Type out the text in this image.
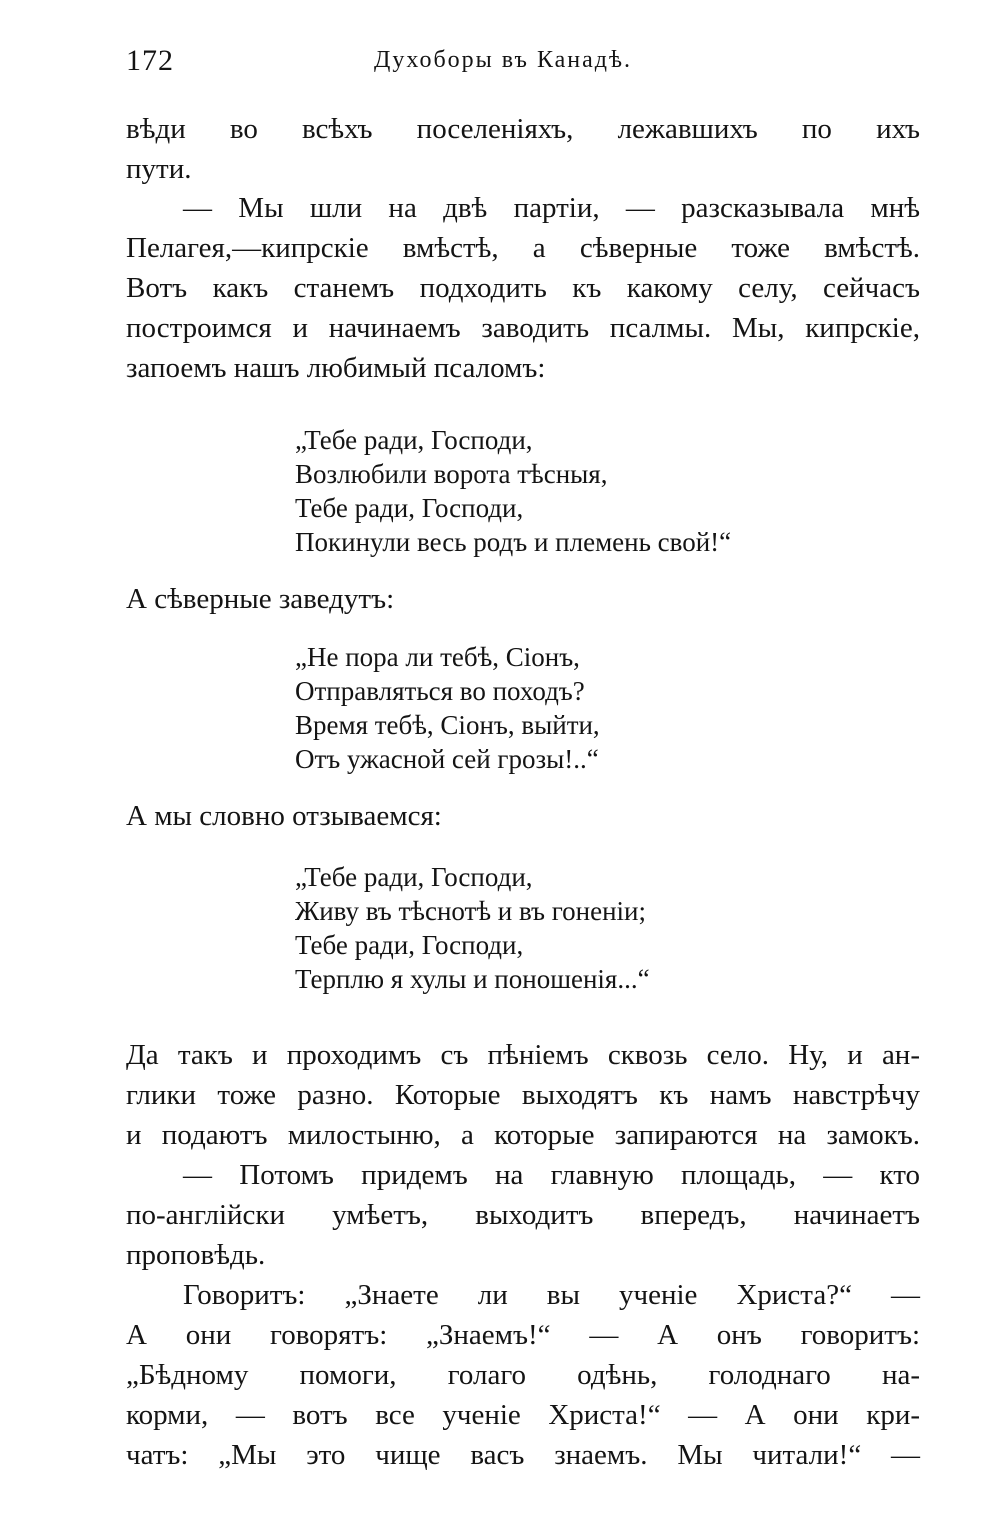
172	Духоборы въ Канадѣ.
вѣди во всѣхъ поселеніяхъ, лежавшихъ по ихъ
пути.
— Мы шли на двѣ партіи, — разсказывала мнѣ
Пелагея,—кипрскіе вмѣстѣ, а сѣверные тоже вмѣстѣ.
Вотъ какъ станемъ подходить къ какому селу, сейчасъ
построимся и начинаемъ заводить псалмы. Мы, кипрскіе,
запоемъ нашъ любимый псаломъ:
„Тебе ради, Господи,
Возлюбили ворота тѣсныя,
Тебе ради, Господи,
Покинули весь родъ и племень свой!“
А сѣверные заведутъ:
„Не пора ли тебѣ, Сіонъ,
Отправляться во походъ?
Время тебѣ, Сіонъ, выйти,
Отъ ужасной сей грозы!..“
А мы словно отзываемся:
„Тебе ради, Господи,
Живу въ тѣснотѣ и въ гоненіи;
Тебе ради, Господи,
Терплю я хулы и поношенія...“
Да такъ и проходимъ съ пѣніемъ сквозь село. Ну, и ан-
глики тоже разно. Которые выходятъ къ намъ навстрѣчу
и подаютъ милостыню, а которые запираются на замокъ.
— Потомъ придемъ на главную площадь, — кто
по-англійски умѣетъ, выходитъ впередъ, начинаетъ
проповѣдь.
Говоритъ: „Знаете ли вы ученіе Христа?“ —
А они говорятъ: „Знаемъ!“ — А онъ говоритъ:
„Бѣдному помоги, голаго одѣнь, голоднаго на-
корми, — вотъ все ученіе Христа!“ — А они кри-
чатъ: „Мы это чище васъ знаемъ. Мы читали!“ —
